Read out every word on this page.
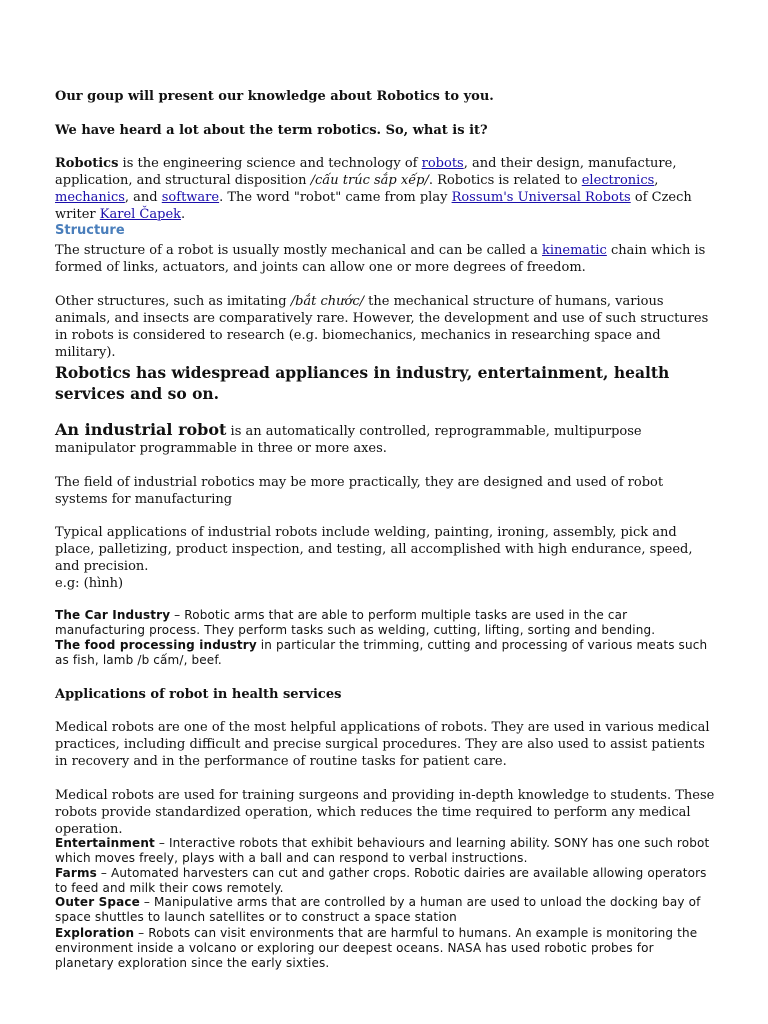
Our goup will present our knowledge about Robotics to you.
We have heard a lot about the term robotics. So, what is it?
Robotics is the engineering science and technology of robots, and their design, manufacture, application, and structural disposition /cấu trúc sắp xếp/. Robotics is related to electronics, mechanics, and software. The word "robot" came from play Rossum's Universal Robots of Czech writer Karel Čapek.
Structure
The structure of a robot is usually mostly mechanical and can be called a kinematic chain which is formed of links, actuators, and joints can allow one or more degrees of freedom.
Other structures, such as imitating /bắt chước/ the mechanical structure of humans, various animals, and insects are comparatively rare. However, the development and use of such structures in robots is considered to research (e.g. biomechanics, mechanics in researching space and military).
Robotics has widespread appliances in industry, entertainment, health services and so on.
An industrial robot is an automatically controlled, reprogrammable, multipurpose manipulator programmable in three or more axes.
The field of industrial robotics may be more practically, they are designed and used of robot systems for manufacturing
Typical applications of industrial robots include welding, painting, ironing, assembly, pick and place, palletizing, product inspection, and testing, all accomplished with high endurance, speed, and precision.
e.g: (hình)
The Car Industry – Robotic arms that are able to perform multiple tasks are used in the car manufacturing process. They perform tasks such as welding, cutting, lifting, sorting and bending.
The food processing industry in particular the trimming, cutting and processing of various meats such as fish, lamb /b cấm/, beef.
Applications of robot in health services
Medical robots are one of the most helpful applications of robots. They are used in various medical practices, including difficult and precise surgical procedures. They are also used to assist patients in recovery and in the performance of routine tasks for patient care.
Medical robots are used for training surgeons and providing in-depth knowledge to students. These robots provide standardized operation, which reduces the time required to perform any medical operation.
Entertainment – Interactive robots that exhibit behaviours and learning ability. SONY has one such robot which moves freely, plays with a ball and can respond to verbal instructions.
Farms – Automated harvesters can cut and gather crops. Robotic dairies are available allowing operators to feed and milk their cows remotely.
Outer Space – Manipulative arms that are controlled by a human are used to unload the docking bay of space shuttles to launch satellites or to construct a space station
Exploration – Robots can visit environments that are harmful to humans. An example is monitoring the environment inside a volcano or exploring our deepest oceans. NASA has used robotic probes for planetary exploration since the early sixties.
